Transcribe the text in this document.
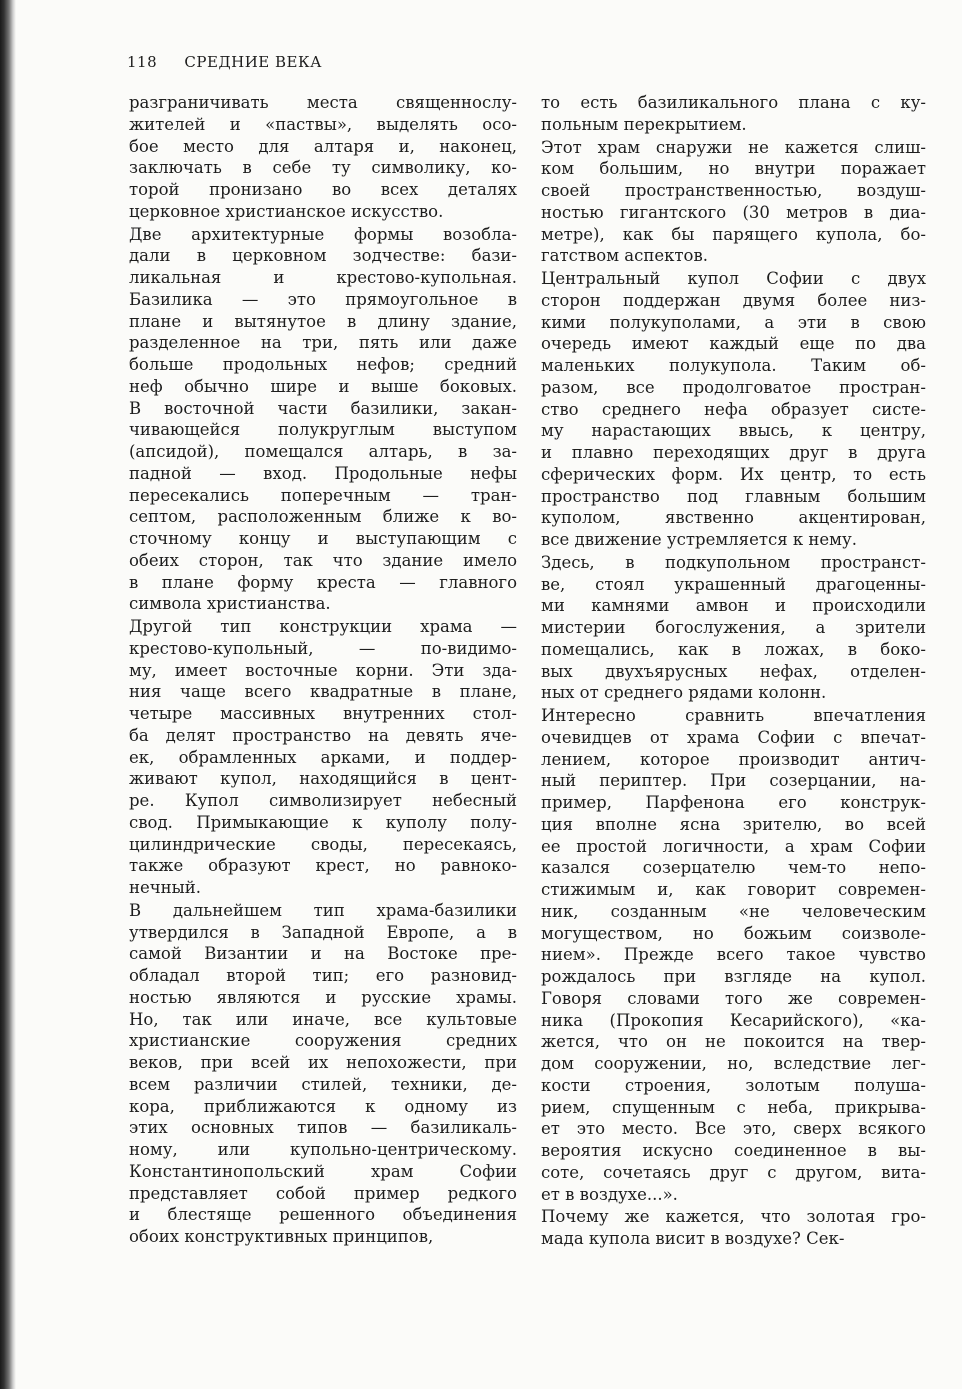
118 СРЕДНИЕ ВЕКА

разграничивать места священнослу-
жителей и «паствы», выделять осо-
бое место для алтаря и, наконец,
заключать в себе ту символику, ко-
торой пронизано во всех деталях
церковное христианское искусство.

Две архитектурные формы возобла-
дали в церковном зодчестве: бази-
ликальная и крестово-купольная.
Базилика — это прямоугольное в
плане и вытянутое в длину здание,
разделенное на три, пять или даже
больше продольных нефов; средний
неф обычно шире и выше боковых.
В восточной части базилики, закан-
чивающейся полукруглым выступом
(апсидой), помещался алтарь, в за-
падной — вход. Продольные нефы
пересекались поперечным — тран-
септом, расположенным ближе к во-
сточному концу и выступающим с
обеих сторон, так что здание имело
в плане форму креста — главного
символа христианства.

Другой тип конструкции храма —
крестово-купольный, — по-видимо-
му, имеет восточные корни. Эти зда-
ния чаще всего квадратные в плане,
четыре массивных внутренних стол-
ба делят пространство на девять яче-
ек, обрамленных арками, и поддер-
живают купол, находящийся в цент-
ре. Купол символизирует небесный
свод. Примыкающие к куполу полу-
цилиндрические своды, пересекаясь,
также образуют крест, но равноко-
нечный.

В дальнейшем тип храма-базилики
утвердился в Западной Европе, а в
самой Византии и на Востоке пре-
обладал второй тип; его разновид-
ностью являются и русские храмы.
Но, так или иначе, все культовые
христианские сооружения средних
веков, при всей их непохожести, при
всем различии стилей, техники, де-
кора, приближаются к одному из
этих основных типов — базиликаль-
ному, или купольно-центрическому.
Константинопольский храм Софии
представляет собой пример редкого
и блестяще решенного объединения
обоих конструктивных принципов,

то есть базиликального плана с ку-
польным перекрытием.

Этот храм снаружи не кажется слиш-
ком большим, но внутри поражает
своей пространственностью, воздуш-
ностью гигантского (30 метров в диа-
метре), как бы парящего купола, бо-
гатством аспектов.

Центральный купол Софии с двух
сторон поддержан двумя более низ-
кими полукуполами, а эти в свою
очередь имеют каждый еще по два
маленьких полукупола. Таким об-
разом, все продолговатое простран-
ство среднего нефа образует систе-
му нарастающих ввысь, к центру,
и плавно переходящих друг в друга
сферических форм. Их центр, то есть
пространство под главным большим
куполом, явственно акцентирован,
все движение устремляется к нему.

Здесь, в подкупольном пространст-
ве, стоял украшенный драгоценны-
ми камнями амвон и происходили
мистерии богослужения, а зрители
помещались, как в ложах, в боко-
вых двухъярусных нефах, отделен-
ных от среднего рядами колонн.

Интересно сравнить впечатления
очевидцев от храма Софии с впечат-
лением, которое производит антич-
ный периптер. При созерцании, на-
пример, Парфенона его конструк-
ция вполне ясна зрителю, во всей
ее простой логичности, а храм Софии
казался созерцателю чем-то непо-
стижимым и, как говорит современ-
ник, созданным «не человеческим
могуществом, но божьим соизволе-
нием». Прежде всего такое чувство
рождалось при взгляде на купол.
Говоря словами того же современ-
ника (Прокопия Кесарийского), «ка-
жется, что он не покоится на твер-
дом сооружении, но, вследствие лег-
кости строения, золотым полуша-
рием, спущенным с неба, прикрыва-
ет это место. Все это, сверх всякого
вероятия искусно соединенное в вы-
соте, сочетаясь друг с другом, вита-
ет в воздухе...».

Почему же кажется, что золотая гро-
мада купола висит в воздухе? Сек-
